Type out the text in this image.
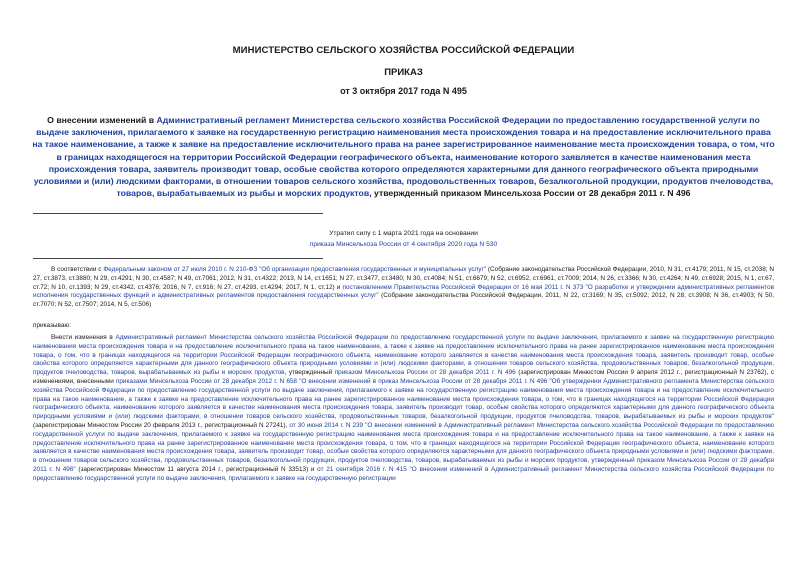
МИНИСТЕРСТВО СЕЛЬСКОГО ХОЗЯЙСТВА РОССИЙСКОЙ ФЕДЕРАЦИИ
ПРИКАЗ
от 3 октября 2017 года N 495
О внесении изменений в Административный регламент Министерства сельского хозяйства Российской Федерации по предоставлению государственной услуги по выдаче заключения, прилагаемого к заявке на государственную регистрацию наименования места происхождения товара и на предоставление исключительного права на такое наименование, а также к заявке на предоставление исключительного права на ранее зарегистрированное наименование места происхождения товара, о том, что в границах находящегося на территории Российской Федерации географического объекта, наименование которого заявляется в качестве наименования места происхождения товара, заявитель производит товар, особые свойства которого определяются характерными для данного географического объекта природными условиями и (или) людскими факторами, в отношении товаров сельского хозяйства, продовольственных товаров, безалкогольной продукции, продуктов пчеловодства, товаров, вырабатываемых из рыбы и морских продуктов, утвержденный приказом Минсельхоза России от 28 декабря 2011 г. N 496
Утратил силу с 1 марта 2021 года на основании
приказа Минсельхоза России от 4 сентября 2020 года N 530
В соответствии с Федеральным законом от 27 июля 2010 г. N 210-ФЗ "Об организации предоставления государственных и муниципальных услуг" (Собрание законодательства Российской Федерации, 2010, N 31, ст.4179; 2011, N 15, ст.2038; N 27, ст.3873, ст.3880; N 29, ст.4291; N 30, ст.4587; N 49, ст.7061; 2012, N 31, ст.4322; 2013, N 14, ст.1651; N 27, ст.3477, ст.3480; N 30, ст.4084; N 51, ст.6679; N 52, ст.6952, ст.6961, ст.7009; 2014, N 26, ст.3366; N 30, ст.4264; N 49, ст.6928; 2015, N 1, ст.67, ст.72; N 10, ст.1393; N 29, ст.4342, ст.4376; 2016, N 7, ст.916; N 27, ст.4293, ст.4294; 2017, N 1, ст.12) и постановлением Правительства Российской Федерации от 16 мая 2011 г. N 373 "О разработке и утверждении административных регламентов исполнения государственных функций и административных регламентов предоставления государственных услуг" (Собрание законодательства Российской Федерации, 2011, N 22, ст.3169; N 35, ст.5092; 2012, N 28, ст.3908; N 36, ст.4903; N 50, ст.7070; N 52, ст.7507; 2014, N 5, ст.506)
приказываю:
Внести изменения в Административный регламент Министерства сельского хозяйства Российской Федерации по предоставлению государственной услуги по выдаче заключения, прилагаемого к заявке на государственную регистрацию наименования места происхождения товара и на предоставление исключительного права на такое наименование, а также к заявке на предоставление исключительного права на ранее зарегистрированное наименование места происхождения товара, о том, что в границах находящегося на территории Российской Федерации географического объекта, наименование которого заявляется в качестве наименования места происхождения товара, заявитель производит товар, особые свойства которого определяются характерными для данного географического объекта природными условиями и (или) людскими факторами, в отношении товаров сельского хозяйства, продовольственных товаров, безалкогольной продукции, продуктов пчеловодства, товаров, вырабатываемых из рыбы и морских продуктов, утвержденный приказом Минсельхоза России от 28 декабря 2011 г. N 496 (зарегистрирован Минюстом России 9 апреля 2012 г., регистрационный N 23762), с изменениями, внесенными приказами Минсельхоза России от 28 декабря 2012 г. N 658 "О внесении изменений в приказ Минсельхоза России от 28 декабря 2011 г. N 496 "Об утверждении Административного регламента Министерства сельского хозяйства Российской Федерации по предоставлению государственной услуги по выдаче заключения, прилагаемого к заявке на государственную регистрацию наименования места происхождения товара и на предоставление исключительного права на такое наименование, а также к заявке на предоставление исключительного права на ранее зарегистрированное наименование места происхождения товара, о том, что в границах находящегося на территории Российской Федерации географического объекта, наименование которого заявляется в качестве наименования места происхождения товара, заявитель производит товар, особые свойства которого определяются характерными для данного географического объекта природными условиями и (или) людскими факторами, в отношении товаров сельского хозяйства, продовольственных товаров, безалкогольной продукции, продуктов пчеловодства, товаров, вырабатываемых из рыбы и морских продуктов" (зарегистрирован Минюстом России 20 февраля 2013 г., регистрационный N 27241), от 30 июня 2014 г. N 239 "О внесении изменений в Административный регламент Министерства сельского хозяйства Российской Федерации по предоставлению государственной услуги по выдаче заключения, прилагаемого к заявке на государственную регистрацию наименования места происхождения товара и на предоставление исключительного права на такое наименование, а также к заявке на предоставление исключительного права на ранее зарегистрированное наименование места происхождения товара, о том, что в границах находящегося на территории Российской Федерации географического объекта, наименование которого заявляется в качестве наименования места происхождения товара, заявитель производит товар, особые свойства которого определяются характерными для данного географического объекта природными условиями и (или) людскими факторами, в отношении товаров сельского хозяйства, продовольственных товаров, безалкогольной продукции, продуктов пчеловодства, товаров, вырабатываемых из рыбы и морских продуктов, утвержденный приказом Минсельхоза России от 28 декабря 2011 г. N 496" (зарегистрирован Минюстом 11 августа 2014 г., регистрационный N 33513) и от 21 сентября 2016 г. N 415 "О внесении изменений в Административный регламент Министерства сельского хозяйства Российской Федерации по предоставлению государственной услуги по выдаче заключения, прилагаемого к заявке на государственную регистрации
